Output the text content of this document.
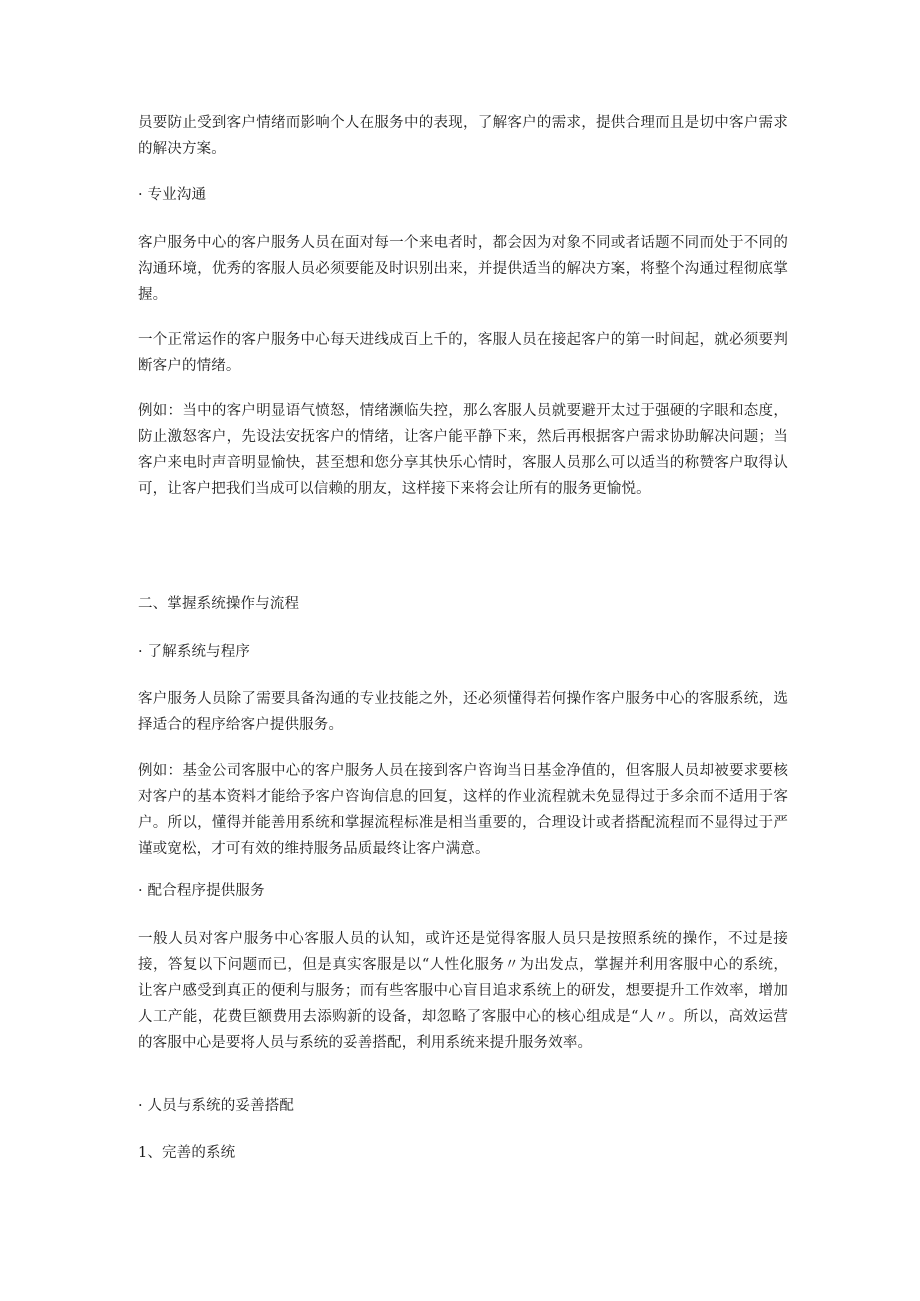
员要防止受到客户情绪而影响个人在服务中的表现，了解客户的需求，提供合理而且是切中客户需求的解决方案。

· 专业沟通

客户服务中心的客户服务人员在面对每一个来电者时，都会因为对象不同或者话题不同而处于不同的沟通环境，优秀的客服人员必须要能及时识别出来，并提供适当的解决方案，将整个沟通过程彻底掌握。

一个正常运作的客户服务中心每天进线成百上千的，客服人员在接起客户的第一时间起，就必须要判断客户的情绪。

例如：当中的客户明显语气愤怒，情绪濒临失控，那么客服人员就要避开太过于强硬的字眼和态度，防止激怒客户，先设法安抚客户的情绪，让客户能平静下来，然后再根据客户需求协助解决问题；当客户来电时声音明显愉快，甚至想和您分享其快乐心情时，客服人员那么可以适当的称赞客户取得认可，让客户把我们当成可以信赖的朋友，这样接下来将会让所有的服务更愉悦。

二、掌握系统操作与流程

· 了解系统与程序

客户服务人员除了需要具备沟通的专业技能之外，还必须懂得若何操作客户服务中心的客服系统，选择适合的程序给客户提供服务。

例如：基金公司客服中心的客户服务人员在接到客户咨询当日基金净值的，但客服人员却被要求要核对客户的基本资料才能给予客户咨询信息的回复，这样的作业流程就未免显得过于多余而不适用于客户。所以，懂得并能善用系统和掌握流程标准是相当重要的，合理设计或者搭配流程而不显得过于严谨或宽松，才可有效的维持服务品质最终让客户满意。

· 配合程序提供服务

一般人员对客户服务中心客服人员的认知，或许还是觉得客服人员只是按照系统的操作，不过是接接，答复以下问题而已，但是真实客服是以“人性化服务〃为出发点，掌握并利用客服中心的系统，让客户感受到真正的便利与服务；而有些客服中心盲目追求系统上的研发，想要提升工作效率，增加人工产能，花费巨额费用去添购新的设备，却忽略了客服中心的核心组成是“人〃。所以，高效运营的客服中心是要将人员与系统的妥善搭配，利用系统来提升服务效率。

· 人员与系统的妥善搭配

1、完善的系统
